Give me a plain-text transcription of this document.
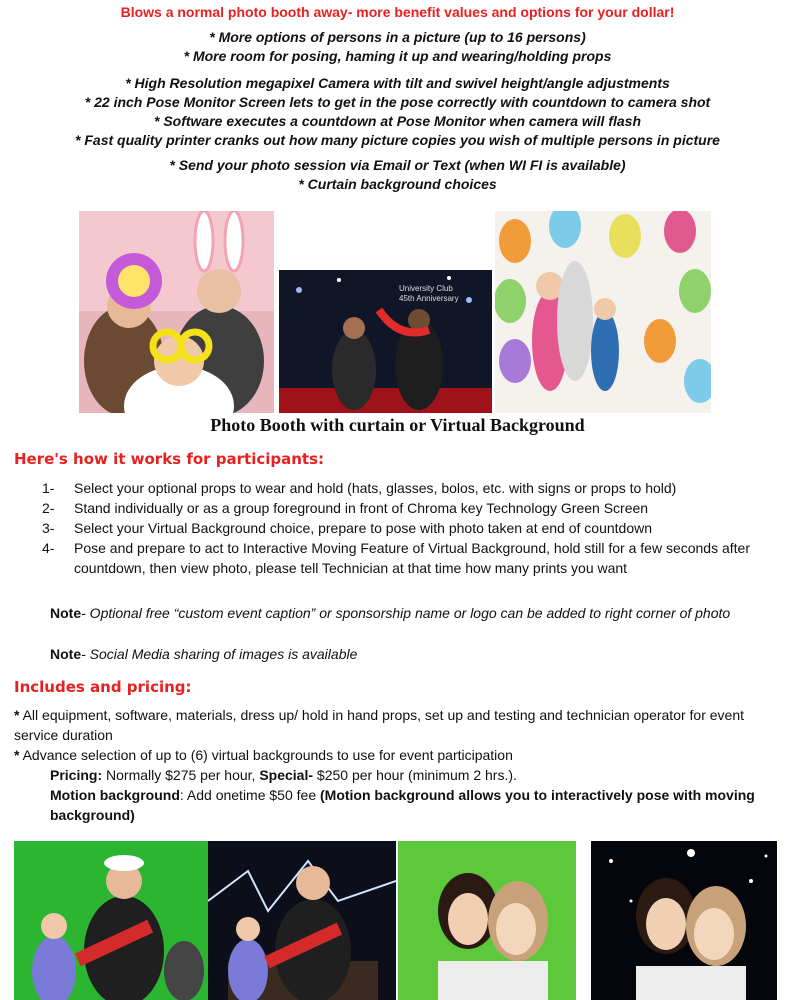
Blows a normal photo booth away- more benefit values and options for your dollar!
* More options of persons in a picture (up to 16 persons)
* More room for posing, haming it up and wearing/holding props
* High Resolution megapixel Camera with tilt and swivel height/angle adjustments
* 22 inch Pose Monitor Screen lets to get in the pose correctly with countdown to camera shot
* Software executes a countdown at Pose Monitor when camera will flash
* Fast quality printer cranks out how many picture copies you wish of multiple persons in picture
* Send your photo session via Email or Text (when WI FI is available)
* Curtain background choices
University Club
45th Anniversary
Photo Booth with curtain or Virtual Background
Here's how it works for participants:
1-	Select your optional props to wear and hold (hats, glasses, bolos, etc. with signs or props to hold)
2-	Stand individually or as a group foreground in front of Chroma key Technology Green Screen
3-	Select your Virtual Background choice, prepare to pose with photo taken at end of countdown
4-	Pose and prepare to act to Interactive Moving Feature of Virtual Background, hold still for a few seconds after countdown, then view photo, please tell Technician at that time how many prints you want
Note- Optional free “custom event caption” or sponsorship name or logo can be added to right corner of photo
Note- Social Media sharing of images is available
Includes and pricing:
* All equipment, software, materials, dress up/ hold in hand props, set up and testing and technician operator for event service duration
* Advance selection of up to (6) virtual backgrounds to use for event participation
Pricing: Normally $275 per hour, Special- $250 per hour (minimum 2 hrs.).
Motion background: Add onetime $50 fee (Motion background allows you to interactively pose with moving background)
